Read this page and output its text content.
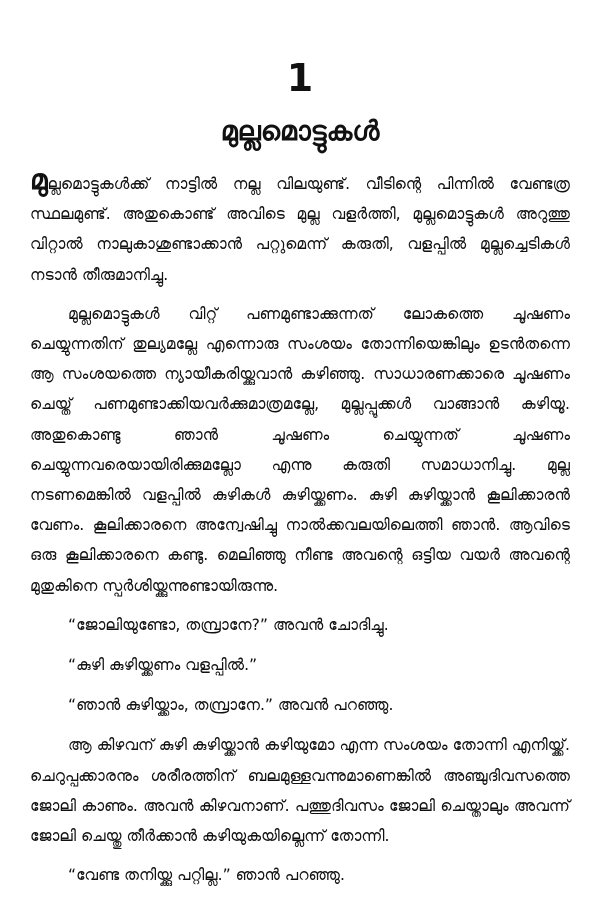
1
മുല്ലമൊട്ടുകൾ

മുല്ലമൊട്ടുകൾക്ക് നാട്ടിൽ നല്ല വിലയുണ്ട്. വീടിന്റെ പിന്നിൽ വേണ്ടത്ര സ്ഥലമുണ്ട്. അതുകൊണ്ട് അവിടെ മുല്ല വളർത്തി, മുല്ലമൊട്ടുകൾ അറുത്തു വിറ്റാൽ നാലുകാശുണ്ടാക്കാൻ പറ്റുമെന്ന് കരുതി, വളപ്പിൽ മുല്ലച്ചെടികൾ നടാൻ തീരുമാനിച്ചു.

മുല്ലമൊട്ടുകൾ വിറ്റ് പണമുണ്ടാക്കുന്നത് ലോകത്തെ ചൂഷണം ചെയ്യുന്നതിന് തുല്യമല്ലേ എന്നൊരു സംശയം തോന്നിയെങ്കിലും ഉടൻതന്നെ ആ സംശയത്തെ ന്യായീകരിയ്ക്കുവാൻ കഴിഞ്ഞു. സാധാരണക്കാരെ ചൂഷണം ചെയ്ത് പണമുണ്ടാക്കിയവർക്കുമാത്രമല്ലേ, മുല്ലപ്പൂക്കൾ വാങ്ങാൻ കഴിയൂ. അതുകൊണ്ടു ഞാൻ ചൂഷണം ചെയ്യുന്നത് ചൂഷണം ചെയ്യുന്നവരെയായിരിക്കുമല്ലോ എന്നു കരുതി സമാധാനിച്ചു. മുല്ല നടണമെങ്കിൽ വളപ്പിൽ കുഴികൾ കുഴിയ്ക്കണം. കുഴി കുഴിയ്ക്കാൻ കൂലിക്കാരൻ വേണം. കൂലിക്കാരനെ അന്വേഷിച്ചു നാൽക്കവലയിലെത്തി ഞാൻ. ആവിടെ ഒരു കൂലിക്കാരനെ കണ്ടു. മെലിഞ്ഞു നീണ്ട അവന്റെ ഒട്ടിയ വയർ അവന്റെ മുതുകിനെ സ്പർശിയ്ക്കുന്നുണ്ടായിരുന്നു.

“ജോലിയുണ്ടോ, തമ്പ്രാനേ?” അവൻ ചോദിച്ചു.

“കുഴി കുഴിയ്ക്കണം വളപ്പിൽ.”

“ഞാൻ കുഴിയ്ക്കാം, തമ്പ്രാനേ.” അവൻ പറഞ്ഞു.

ആ കിഴവന് കുഴി കുഴിയ്ക്കാൻ കഴിയുമോ എന്ന സംശയം തോന്നി എനിയ്ക്ക്. ചെറുപ്പക്കാരനും ശരീരത്തിന് ബലമുള്ളവന്നുമാണെങ്കിൽ അഞ്ചുദിവസത്തെ ജോലി കാണും. അവൻ കിഴവനാണ്. പത്തുദിവസം ജോലി ചെയ്താലും അവന്ന് ജോലി ചെയ്തു തീർക്കാൻ കഴിയുകയില്ലെന്ന് തോന്നി.

“വേണ്ട തനിയ്ക്കു പറ്റില്ല.” ഞാൻ പറഞ്ഞു.
